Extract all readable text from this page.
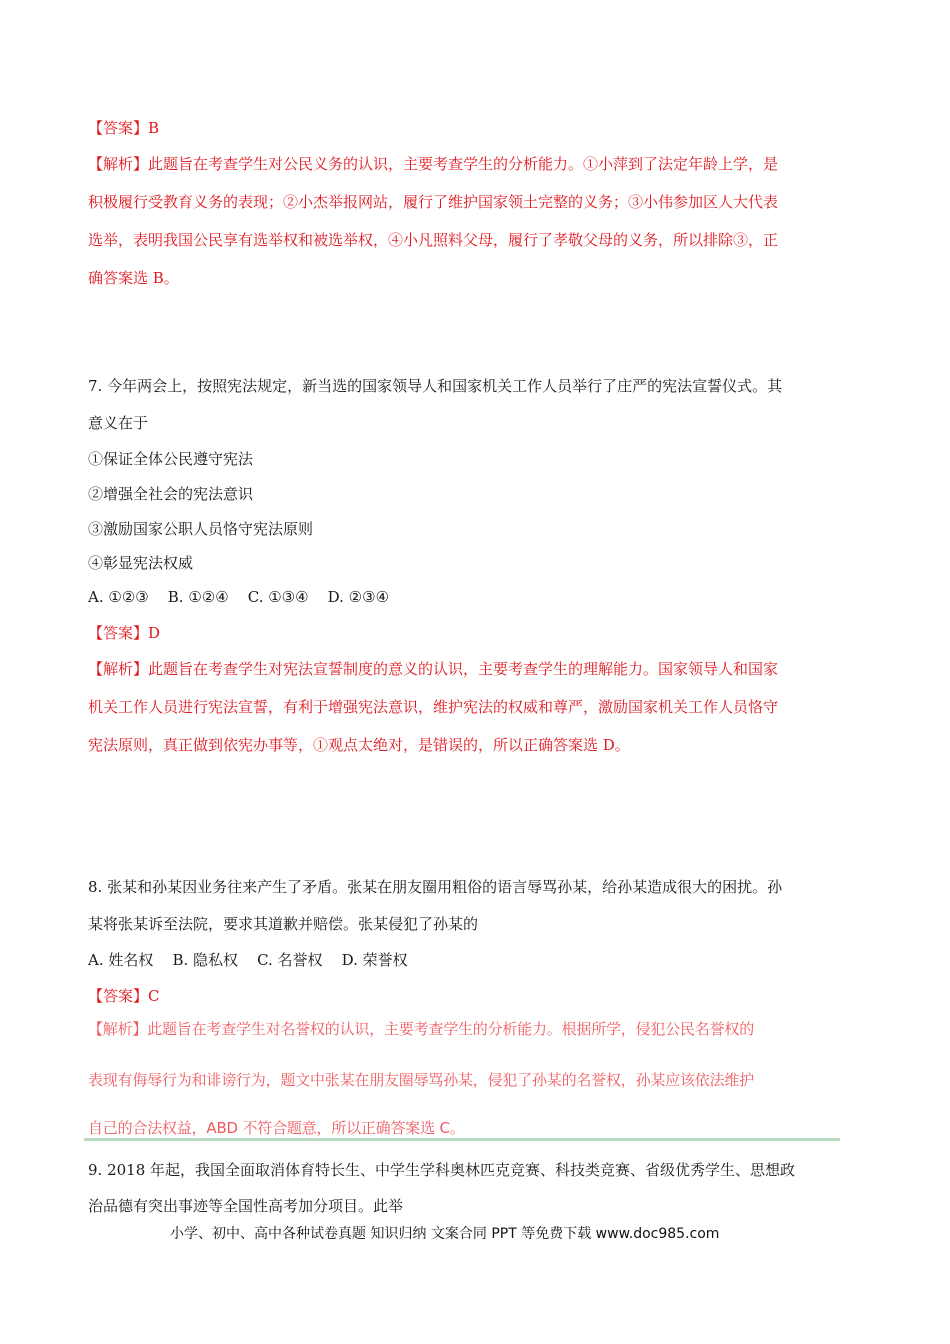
【答案】B
【解析】此题旨在考查学生对公民义务的认识，主要考查学生的分析能力。①小萍到了法定年龄上学，是
积极履行受教育义务的表现；②小杰举报网站，履行了维护国家领土完整的义务；③小伟参加区人大代表
选举，表明我国公民享有选举权和被选举权，④小凡照料父母，履行了孝敬父母的义务，所以排除③，正
确答案选 B。
7. 今年两会上，按照宪法规定，新当选的国家领导人和国家机关工作人员举行了庄严的宪法宣誓仪式。其
意义在于
①保证全体公民遵守宪法
②增强全社会的宪法意识
③激励国家公职人员恪守宪法原则
④彰显宪法权威
A. ①②③    B. ①②④    C. ①③④    D. ②③④
【答案】D
【解析】此题旨在考查学生对宪法宣誓制度的意义的认识，主要考查学生的理解能力。国家领导人和国家
机关工作人员进行宪法宣誓，有利于增强宪法意识，维护宪法的权威和尊严，激励国家机关工作人员恪守
宪法原则，真正做到依宪办事等，①观点太绝对，是错误的，所以正确答案选 D。
8. 张某和孙某因业务往来产生了矛盾。张某在朋友圈用粗俗的语言辱骂孙某，给孙某造成很大的困扰。孙
某将张某诉至法院，要求其道歉并赔偿。张某侵犯了孙某的
A. 姓名权    B. 隐私权    C. 名誉权    D. 荣誉权
【答案】C
【解析】此题旨在考查学生对名誉权的认识，主要考查学生的分析能力。根据所学，侵犯公民名誉权的
表现有侮辱行为和诽谤行为，题文中张某在朋友圈辱骂孙某，侵犯了孙某的名誉权，孙某应该依法维护
自己的合法权益，ABD 不符合题意，所以正确答案选 C。
9. 2018 年起，我国全面取消体育特长生、中学生学科奥林匹克竞赛、科技类竞赛、省级优秀学生、思想政
治品德有突出事迹等全国性高考加分项目。此举
小学、初中、高中各种试卷真题 知识归纳 文案合同 PPT 等免费下载 www.doc985.com
